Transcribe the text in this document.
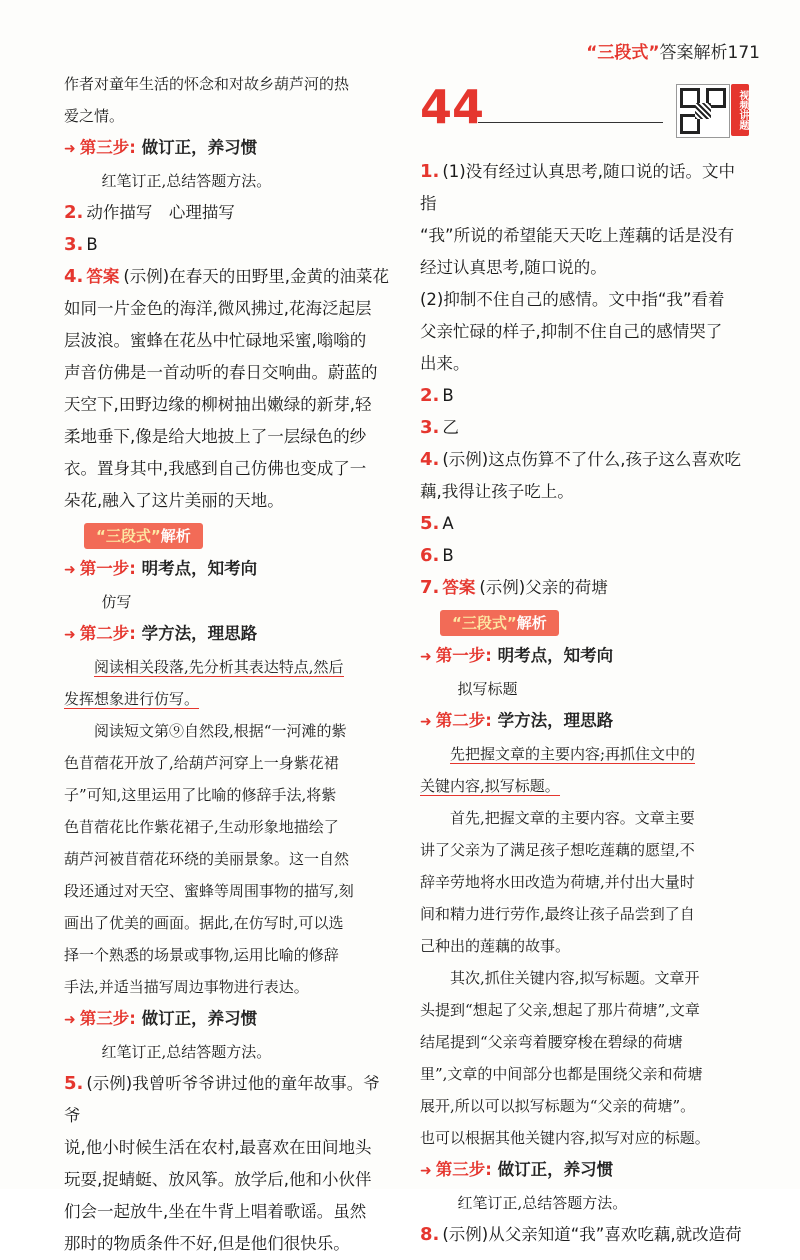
“三段式”答案解析171

作者对童年生活的怀念和对故乡葫芦河的热

爱之情。

➜ 第三步: 做订正，养习惯

红笔订正,总结答题方法。

2. 动作描写　心理描写

3. B

4. 答案 (示例)在春天的田野里,金黄的油菜花

如同一片金色的海洋,微风拂过,花海泛起层

层波浪。蜜蜂在花丛中忙碌地采蜜,嗡嗡的

声音仿佛是一首动听的春日交响曲。蔚蓝的

天空下,田野边缘的柳树抽出嫩绿的新芽,轻

柔地垂下,像是给大地披上了一层绿色的纱

衣。置身其中,我感到自己仿佛也变成了一

朵花,融入了这片美丽的天地。

“三段式”解析

➜ 第一步: 明考点，知考向

仿写

➜ 第二步: 学方法，理思路

阅读相关段落,先分析其表达特点,然后

发挥想象进行仿写。

阅读短文第⑨自然段,根据“一河滩的紫

色苜蓿花开放了,给葫芦河穿上一身紫花裙

子”可知,这里运用了比喻的修辞手法,将紫

色苜蓿花比作紫花裙子,生动形象地描绘了

葫芦河被苜蓿花环绕的美丽景象。这一自然

段还通过对天空、蜜蜂等周围事物的描写,刻

画出了优美的画面。据此,在仿写时,可以选

择一个熟悉的场景或事物,运用比喻的修辞

手法,并适当描写周边事物进行表达。

➜ 第三步: 做订正，养习惯

红笔订正,总结答题方法。

5. (示例)我曾听爷爷讲过他的童年故事。爷爷

说,他小时候生活在农村,最喜欢在田间地头

玩耍,捉蜻蜓、放风筝。放学后,他和小伙伴

们会一起放牛,坐在牛背上唱着歌谣。虽然

那时的物质条件不好,但是他们很快乐。

44	视频讲题

1. (1)没有经过认真思考,随口说的话。文中指

“我”所说的希望能天天吃上莲藕的话是没有

经过认真思考,随口说的。

(2)抑制不住自己的感情。文中指“我”看着

父亲忙碌的样子,抑制不住自己的感情哭了

出来。

2. B

3. 乙

4. (示例)这点伤算不了什么,孩子这么喜欢吃

藕,我得让孩子吃上。

5. A

6. B

7. 答案 (示例)父亲的荷塘

“三段式”解析

➜ 第一步: 明考点，知考向

拟写标题

➜ 第二步: 学方法，理思路

先把握文章的主要内容;再抓住文中的

关键内容,拟写标题。

首先,把握文章的主要内容。文章主要

讲了父亲为了满足孩子想吃莲藕的愿望,不

辞辛劳地将水田改造为荷塘,并付出大量时

间和精力进行劳作,最终让孩子品尝到了自

己种出的莲藕的故事。

其次,抓住关键内容,拟写标题。文章开

头提到“想起了父亲,想起了那片荷塘”,文章

结尾提到“父亲弯着腰穿梭在碧绿的荷塘

里”,文章的中间部分也都是围绕父亲和荷塘

展开,所以可以拟写标题为“父亲的荷塘”。

也可以根据其他关键内容,拟写对应的标题。

➜ 第三步: 做订正，养习惯

红笔订正,总结答题方法。

8. (示例)从父亲知道“我”喜欢吃藕,就改造荷
